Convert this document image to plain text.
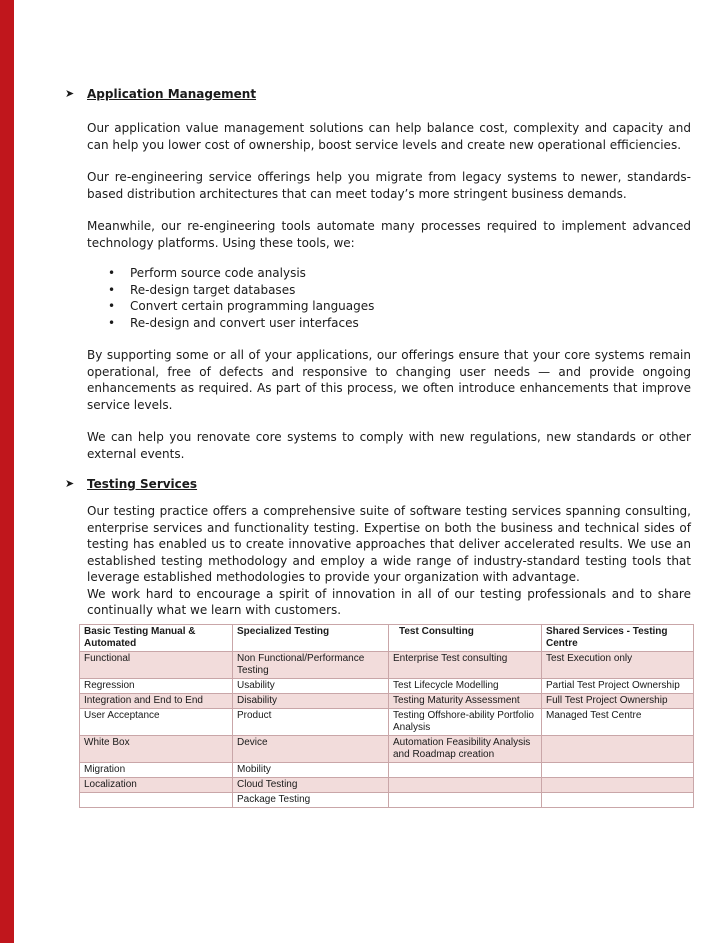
➤ Application Management

Our application value management solutions can help balance cost, complexity and capacity and can help you lower cost of ownership, boost service levels and create new operational efficiencies.

Our re-engineering service offerings help you migrate from legacy systems to newer, standards-based distribution architectures that can meet today’s more stringent business demands.

Meanwhile, our re-engineering tools automate many processes required to implement advanced technology platforms. Using these tools, we:

• Perform source code analysis
• Re-design target databases
• Convert certain programming languages
• Re-design and convert user interfaces

By supporting some or all of your applications, our offerings ensure that your core systems remain operational, free of defects and responsive to changing user needs — and provide ongoing enhancements as required. As part of this process, we often introduce enhancements that improve service levels.

We can help you renovate core systems to comply with new regulations, new standards or other external events.

➤ Testing Services

Our testing practice offers a comprehensive suite of software testing services spanning consulting, enterprise services and functionality testing. Expertise on both the business and technical sides of testing has enabled us to create innovative approaches that deliver accelerated results. We use an established testing methodology and employ a wide range of industry-standard testing tools that leverage established methodologies to provide your organization with advantage.

We work hard to encourage a spirit of innovation in all of our testing professionals and to share continually what we learn with customers.

Basic Testing Manual & Automated	Specialized Testing	Test Consulting	Shared Services - Testing Centre
Functional	Non Functional/Performance Testing	Enterprise Test consulting	Test Execution only
Regression	Usability	Test Lifecycle Modelling	Partial Test Project Ownership
Integration and End to End	Disability	Testing Maturity Assessment	Full Test Project Ownership
User Acceptance	Product	Testing Offshore-ability Portfolio Analysis	Managed Test Centre
White Box	Device	Automation Feasibility Analysis and Roadmap creation	
Migration	Mobility		
Localization	Cloud Testing		
	Package Testing		
